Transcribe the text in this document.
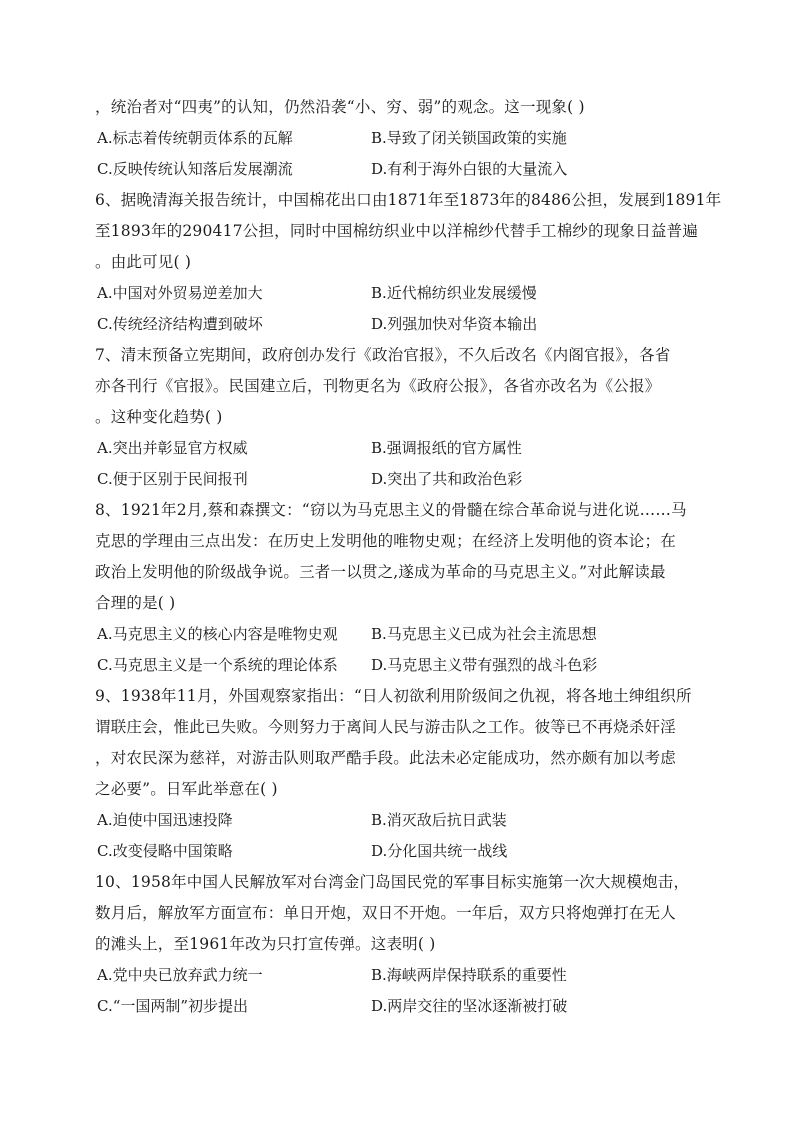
，统治者对“四夷”的认知，仍然沿袭“小、穷、弱”的观念。这一现象( )
A.标志着传统朝贡体系的瓦解	B.导致了闭关锁国政策的实施
C.反映传统认知落后发展潮流	D.有利于海外白银的大量流入
6、据晚清海关报告统计，中国棉花出口由1871年至1873年的8486公担，发展到1891年
至1893年的290417公担，同时中国棉纺织业中以洋棉纱代替手工棉纱的现象日益普遍
。由此可见( )
A.中国对外贸易逆差加大	B.近代棉纺织业发展缓慢
C.传统经济结构遭到破坏	D.列强加快对华资本输出
7、清末预备立宪期间，政府创办发行《政治官报》，不久后改名《内阁官报》，各省
亦各刊行《官报》。民国建立后，刊物更名为《政府公报》，各省亦改名为《公报》
。这种变化趋势( )
A.突出并彰显官方权威	B.强调报纸的官方属性
C.便于区别于民间报刊	D.突出了共和政治色彩
8、1921年2月,蔡和森撰文：“窃以为马克思主义的骨髓在综合革命说与进化说……马
克思的学理由三点出发：在历史上发明他的唯物史观；在经济上发明他的资本论；在
政治上发明他的阶级战争说。三者一以贯之,遂成为革命的马克思主义。”对此解读最
合理的是( )
A.马克思主义的核心内容是唯物史观 B.马克思主义已成为社会主流思想
C.马克思主义是一个系统的理论体系 D.马克思主义带有强烈的战斗色彩
9、1938年11月，外国观察家指出：“日人初欲利用阶级间之仇视，将各地土绅组织所
谓联庄会，惟此已失败。今则努力于离间人民与游击队之工作。彼等已不再烧杀奸淫
，对农民深为慈祥，对游击队则取严酷手段。此法未必定能成功，然亦颇有加以考虑
之必要”。日军此举意在( )
A.迫使中国迅速投降	B.消灭敌后抗日武装
C.改变侵略中国策略	D.分化国共统一战线
10、1958年中国人民解放军对台湾金门岛国民党的军事目标实施第一次大规模炮击，
数月后，解放军方面宣布：单日开炮，双日不开炮。一年后，双方只将炮弹打在无人
的滩头上，至1961年改为只打宣传弹。这表明( )
A.党中央已放弃武力统一	B.海峡两岸保持联系的重要性
C.“一国两制”初步提出	D.两岸交往的坚冰逐渐被打破
